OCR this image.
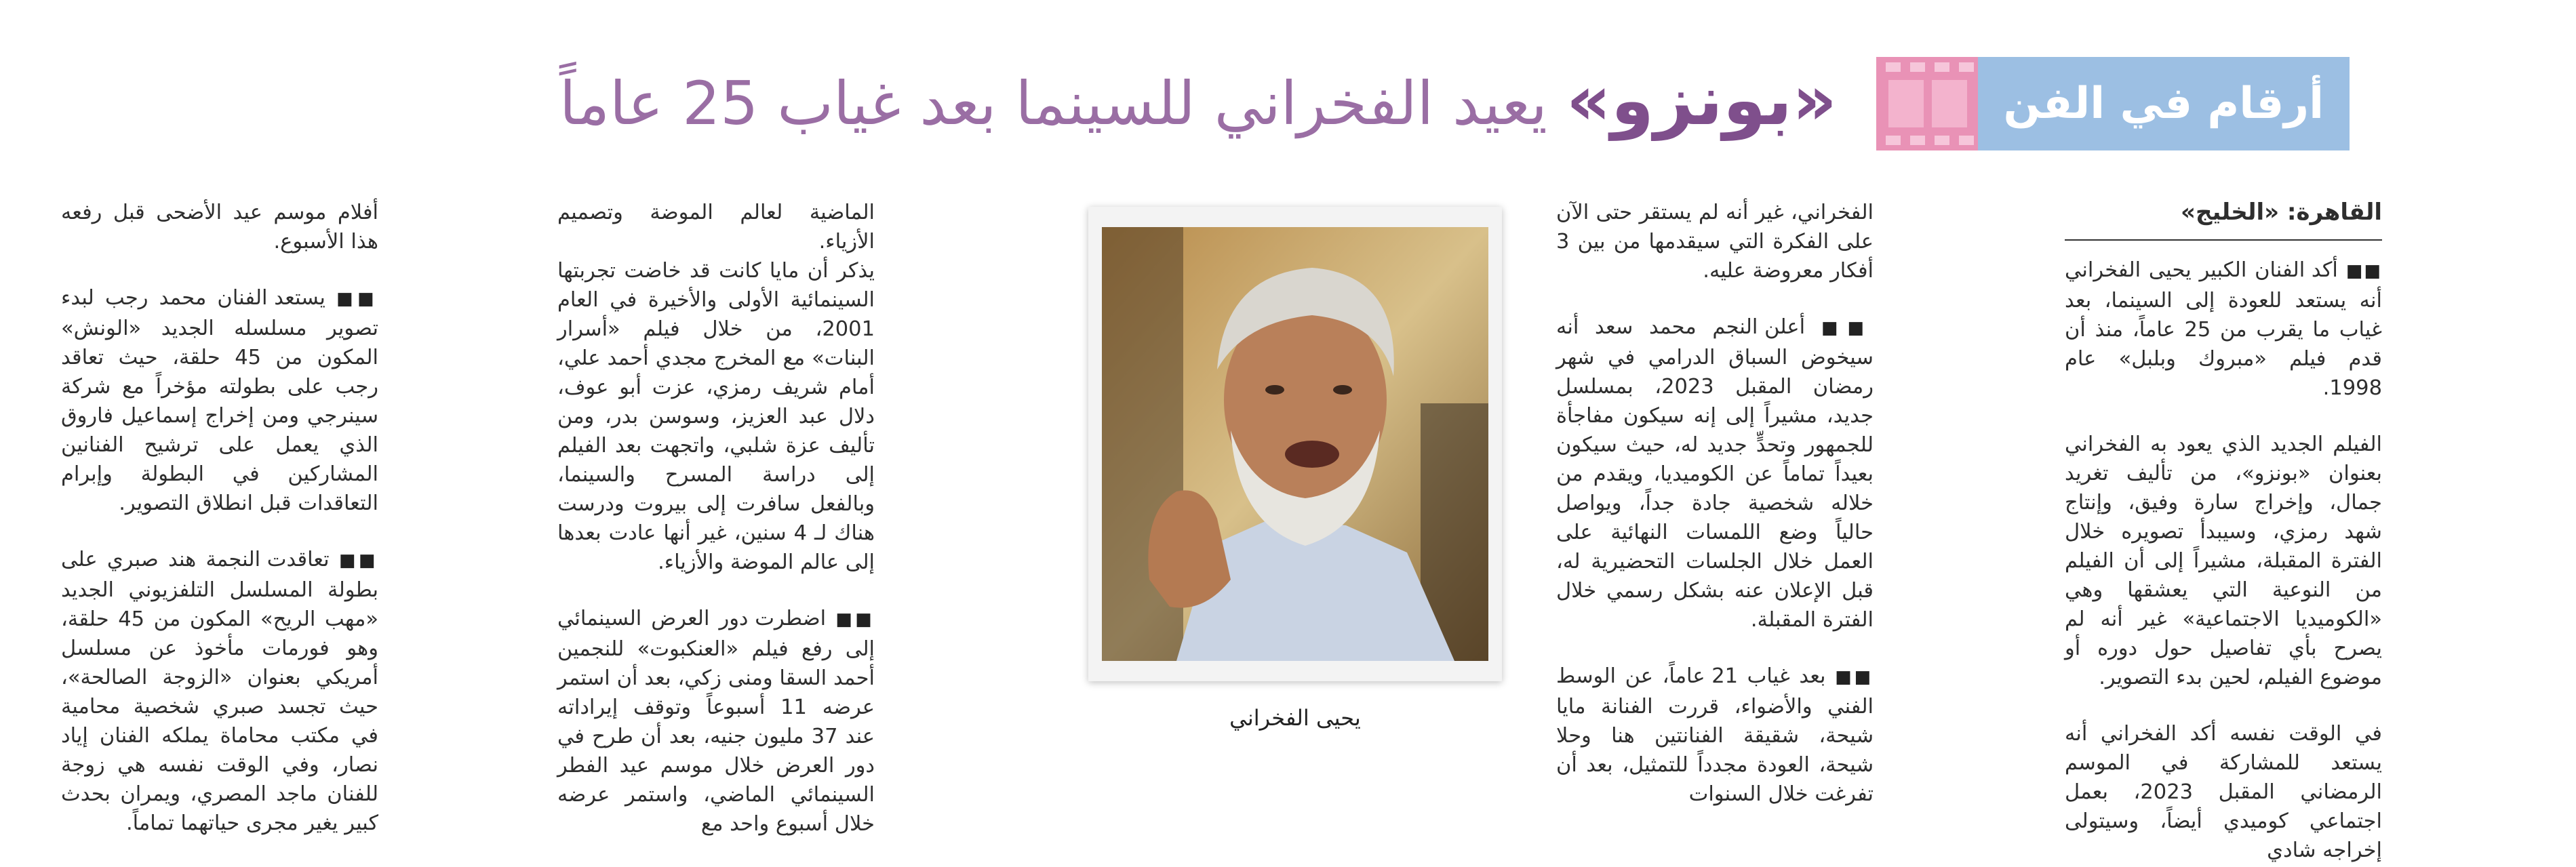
أرقام في الفن
«بونزو» يعيد الفخراني للسينما بعد غياب 25 عاماً
القاهرة: «الخليج»

■■ أكد الفنان الكبير يحيى الفخراني أنه يستعد للعودة إلى السينما، بعد غياب ما يقرب من 25 عاماً، منذ أن قدم فيلم «مبروك وبلبل» عام 1998.

الفيلم الجديد الذي يعود به الفخراني بعنوان «بونزو»، من تأليف تغريد جمال، وإخراج سارة وفيق، وإنتاج شهد رمزي، وسيبدأ تصويره خلال الفترة المقبلة، مشيراً إلى أن الفيلم من النوعية التي يعشقها وهي «الكوميديا الاجتماعية» غير أنه لم يصرح بأي تفاصيل حول دوره أو موضوع الفيلم، لحين بدء التصوير.

في الوقت نفسه أكد الفخراني أنه يستعد للمشاركة في الموسم الرمضاني المقبل 2023، بعمل اجتماعي كوميدي أيضاً، وسيتولى إخراجه شادي

الفخراني، غير أنه لم يستقر حتى الآن على الفكرة التي سيقدمها من بين 3 أفكار معروضة عليه.

■■ أعلن النجم محمد سعد أنه سيخوض السباق الدرامي في شهر رمضان المقبل 2023، بمسلسل جديد، مشيراً إلى إنه سيكون مفاجأة للجمهور وتحدٍّ جديد له، حيث سيكون بعيداً تماماً عن الكوميديا، ويقدم من خلاله شخصية جادة جداً، ويواصل حالياً وضع اللمسات النهائية على العمل خلال الجلسات التحضيرية له، قبل الإعلان عنه بشكل رسمي خلال الفترة المقبلة.

■■ بعد غياب 21 عاماً، عن الوسط الفني والأضواء، قررت الفنانة مايا شيحة، شقيقة الفنانتين هنا وحلا شيحة، العودة مجدداً للتمثيل، بعد أن تفرغت خلال السنوات

يحيى الفخراني

الماضية لعالم الموضة وتصميم الأزياء.

يذكر أن مايا كانت قد خاضت تجربتها السينمائية الأولى والأخيرة في العام 2001، من خلال فيلم «أسرار البنات» مع المخرج مجدي أحمد علي، أمام شريف رمزي، عزت أبو عوف، دلال عبد العزيز، وسوسن بدر، ومن تأليف عزة شلبي، واتجهت بعد الفيلم إلى دراسة المسرح والسينما، وبالفعل سافرت إلى بيروت ودرست هناك لـ 4 سنين، غير أنها عادت بعدها إلى عالم الموضة والأزياء.

■■ اضطرت دور العرض السينمائي إلى رفع فيلم «العنكبوت» للنجمين أحمد السقا ومنى زكي، بعد أن استمر عرضه 11 أسبوعاً وتوقف إيراداته عند 37 مليون جنيه، بعد أن طرح في دور العرض خلال موسم عيد الفطر السينمائي الماضي، واستمر عرضه خلال أسبوع واحد مع

أفلام موسم عيد الأضحى قبل رفعه هذا الأسبوع.

■■ يستعد الفنان محمد رجب لبدء تصوير مسلسله الجديد «الونش» المكون من 45 حلقة، حيث تعاقد رجب على بطولته مؤخراً مع شركة سينرجي ومن إخراج إسماعيل فاروق الذي يعمل على ترشيح الفنانين المشاركين في البطولة وإبرام التعاقدات قبل انطلاق التصوير.

■■ تعاقدت النجمة هند صبري على بطولة المسلسل التلفزيوني الجديد «مهب الريح» المكون من 45 حلقة، وهو فورمات مأخوذ عن مسلسل أمريكي بعنوان «الزوجة الصالحة»، حيث تجسد صبري شخصية محامية في مكتب محاماة يملكه الفنان إياد نصار، وفي الوقت نفسه هي زوجة للفنان ماجد المصري، ويمران بحدث كبير يغير مجرى حياتهما تماماً.
